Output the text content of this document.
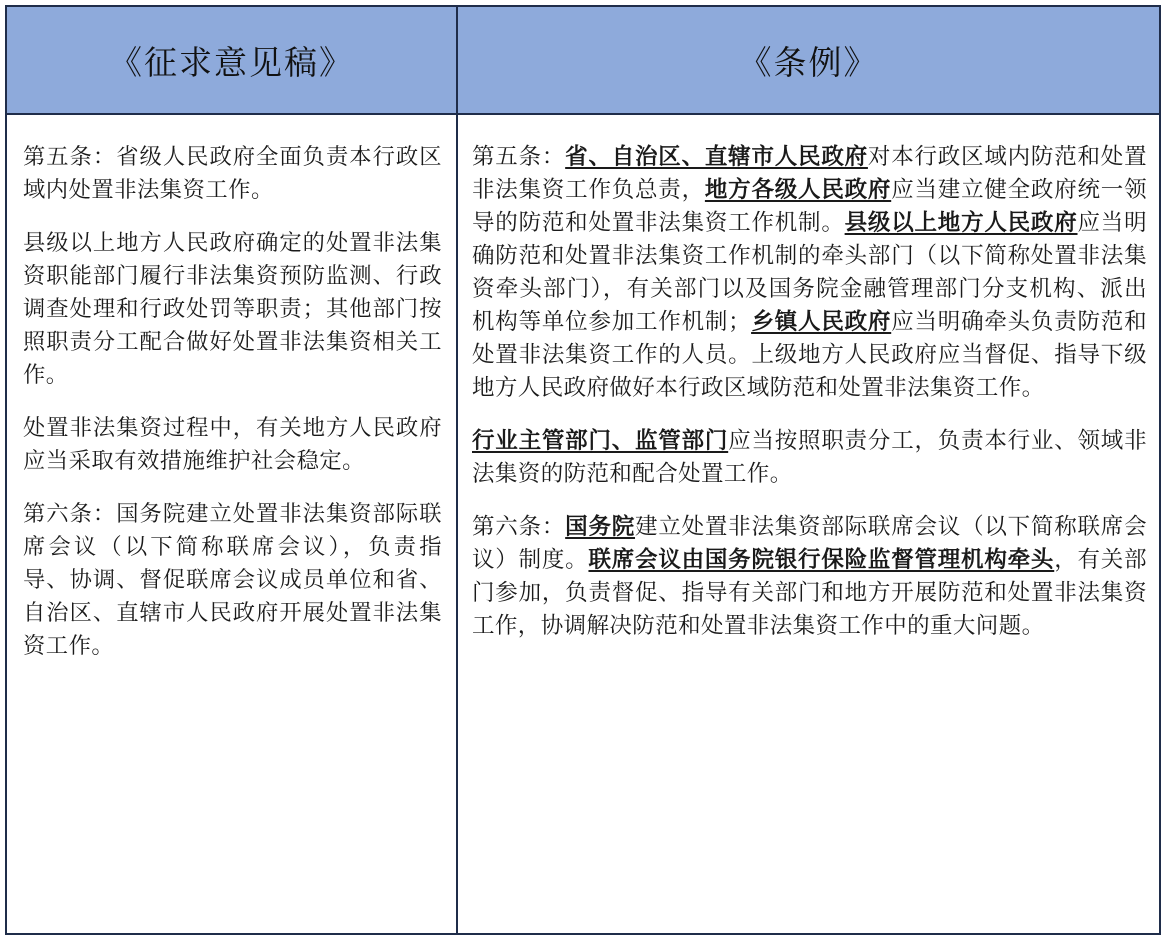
《征求意见稿》	《条例》

第五条：省级人民政府全面负责本行政区域内处置非法集资工作。

县级以上地方人民政府确定的处置非法集资职能部门履行非法集资预防监测、行政调查处理和行政处罚等职责；其他部门按照职责分工配合做好处置非法集资相关工作。

处置非法集资过程中，有关地方人民政府应当采取有效措施维护社会稳定。

第六条：国务院建立处置非法集资部际联席会议（以下简称联席会议），负责指导、协调、督促联席会议成员单位和省、自治区、直辖市人民政府开展处置非法集资工作。

第五条：省、自治区、直辖市人民政府对本行政区域内防范和处置非法集资工作负总责，地方各级人民政府应当建立健全政府统一领导的防范和处置非法集资工作机制。县级以上地方人民政府应当明确防范和处置非法集资工作机制的牵头部门（以下简称处置非法集资牵头部门），有关部门以及国务院金融管理部门分支机构、派出机构等单位参加工作机制；乡镇人民政府应当明确牵头负责防范和处置非法集资工作的人员。上级地方人民政府应当督促、指导下级地方人民政府做好本行政区域防范和处置非法集资工作。

行业主管部门、监管部门应当按照职责分工，负责本行业、领域非法集资的防范和配合处置工作。

第六条：国务院建立处置非法集资部际联席会议（以下简称联席会议）制度。联席会议由国务院银行保险监督管理机构牵头，有关部门参加，负责督促、指导有关部门和地方开展防范和处置非法集资工作，协调解决防范和处置非法集资工作中的重大问题。
